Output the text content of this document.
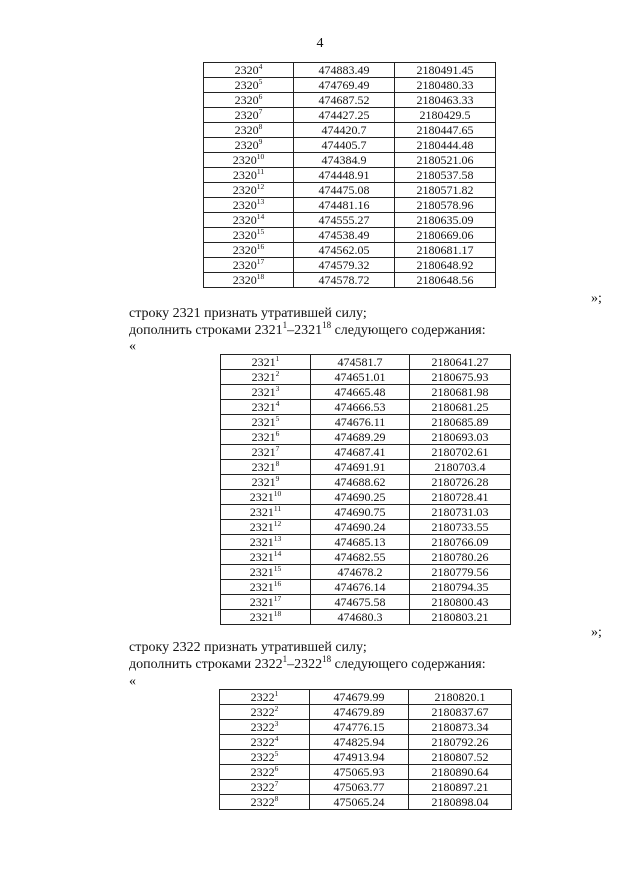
4
2320$^4$	474883.49	2180491.45
2320$^5$	474769.49	2180480.33
2320$^6$	474687.52	2180463.33
2320$^7$	474427.25	2180429.5
2320$^8$	474420.7	2180447.65
2320$^9$	474405.7	2180444.48
2320$^{10}$	474384.9	2180521.06
2320$^{11}$	474448.91	2180537.58
2320$^{12}$	474475.08	2180571.82
2320$^{13}$	474481.16	2180578.96
2320$^{14}$	474555.27	2180635.09
2320$^{15}$	474538.49	2180669.06
2320$^{16}$	474562.05	2180681.17
2320$^{17}$	474579.32	2180648.92
2320$^{18}$	474578.72	2180648.56
»;
строку 2321 признать утратившей силу;
дополнить строками 2321$^1$–2321$^{18}$ следующего содержания:
«
2321$^1$	474581.7	2180641.27
2321$^2$	474651.01	2180675.93
2321$^3$	474665.48	2180681.98
2321$^4$	474666.53	2180681.25
2321$^5$	474676.11	2180685.89
2321$^6$	474689.29	2180693.03
2321$^7$	474687.41	2180702.61
2321$^8$	474691.91	2180703.4
2321$^9$	474688.62	2180726.28
2321$^{10}$	474690.25	2180728.41
2321$^{11}$	474690.75	2180731.03
2321$^{12}$	474690.24	2180733.55
2321$^{13}$	474685.13	2180766.09
2321$^{14}$	474682.55	2180780.26
2321$^{15}$	474678.2	2180779.56
2321$^{16}$	474676.14	2180794.35
2321$^{17}$	474675.58	2180800.43
2321$^{18}$	474680.3	2180803.21
»;
строку 2322 признать утратившей силу;
дополнить строками 2322$^1$–2322$^{18}$ следующего содержания:
«
2322$^1$	474679.99	2180820.1
2322$^2$	474679.89	2180837.67
2322$^3$	474776.15	2180873.34
2322$^4$	474825.94	2180792.26
2322$^5$	474913.94	2180807.52
2322$^6$	475065.93	2180890.64
2322$^7$	475063.77	2180897.21
2322$^8$	475065.24	2180898.04
